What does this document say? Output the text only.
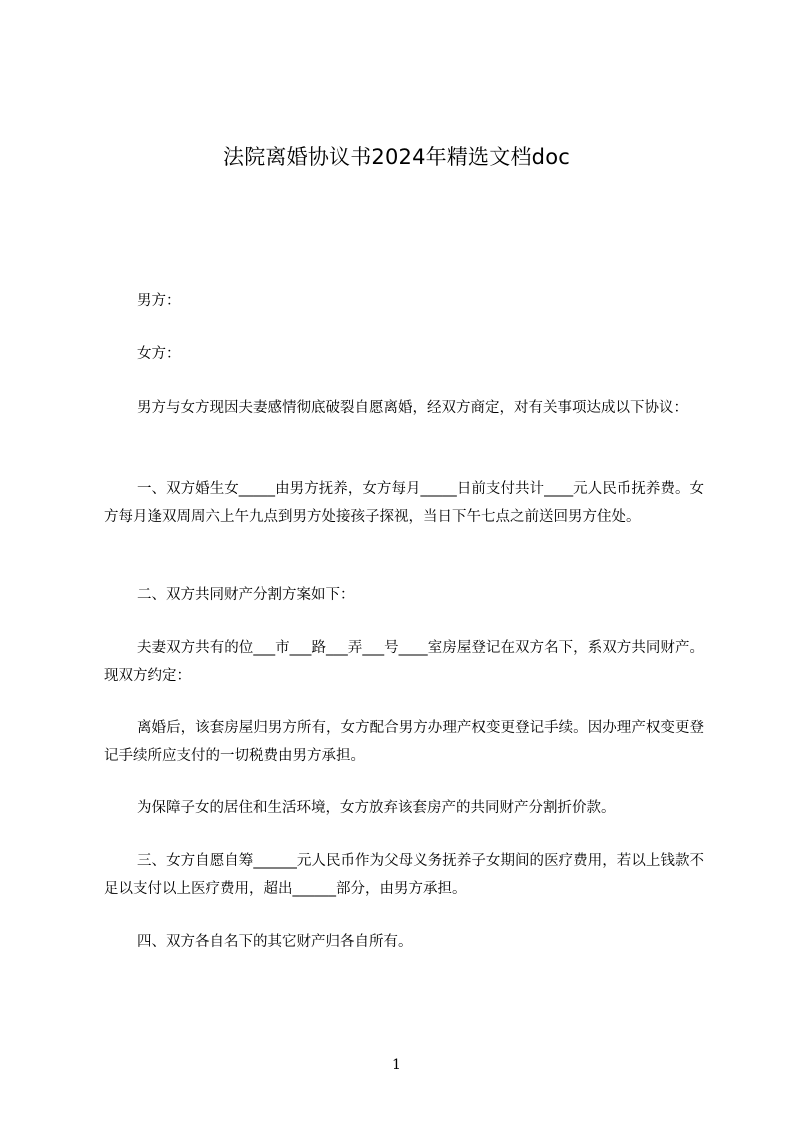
法院离婚协议书2024年精选文档doc

男方：

女方：

男方与女方现因夫妻感情彻底破裂自愿离婚，经双方商定，对有关事项达成以下协议：

一、双方婚生女_____由男方抚养，女方每月_____日前支付共计____元人民币抚养费。女方每月逢双周周六上午九点到男方处接孩子探视，当日下午七点之前送回男方住处。

二、双方共同财产分割方案如下：

夫妻双方共有的位___市___路___弄___号____室房屋登记在双方名下，系双方共同财产。现双方约定：

离婚后，该套房屋归男方所有，女方配合男方办理产权变更登记手续。因办理产权变更登记手续所应支付的一切税费由男方承担。

为保障子女的居住和生活环境，女方放弃该套房产的共同财产分割折价款。

三、女方自愿自筹______元人民币作为父母义务抚养子女期间的医疗费用，若以上钱款不足以支付以上医疗费用，超出______部分，由男方承担。

四、双方各自名下的其它财产归各自所有。

1
